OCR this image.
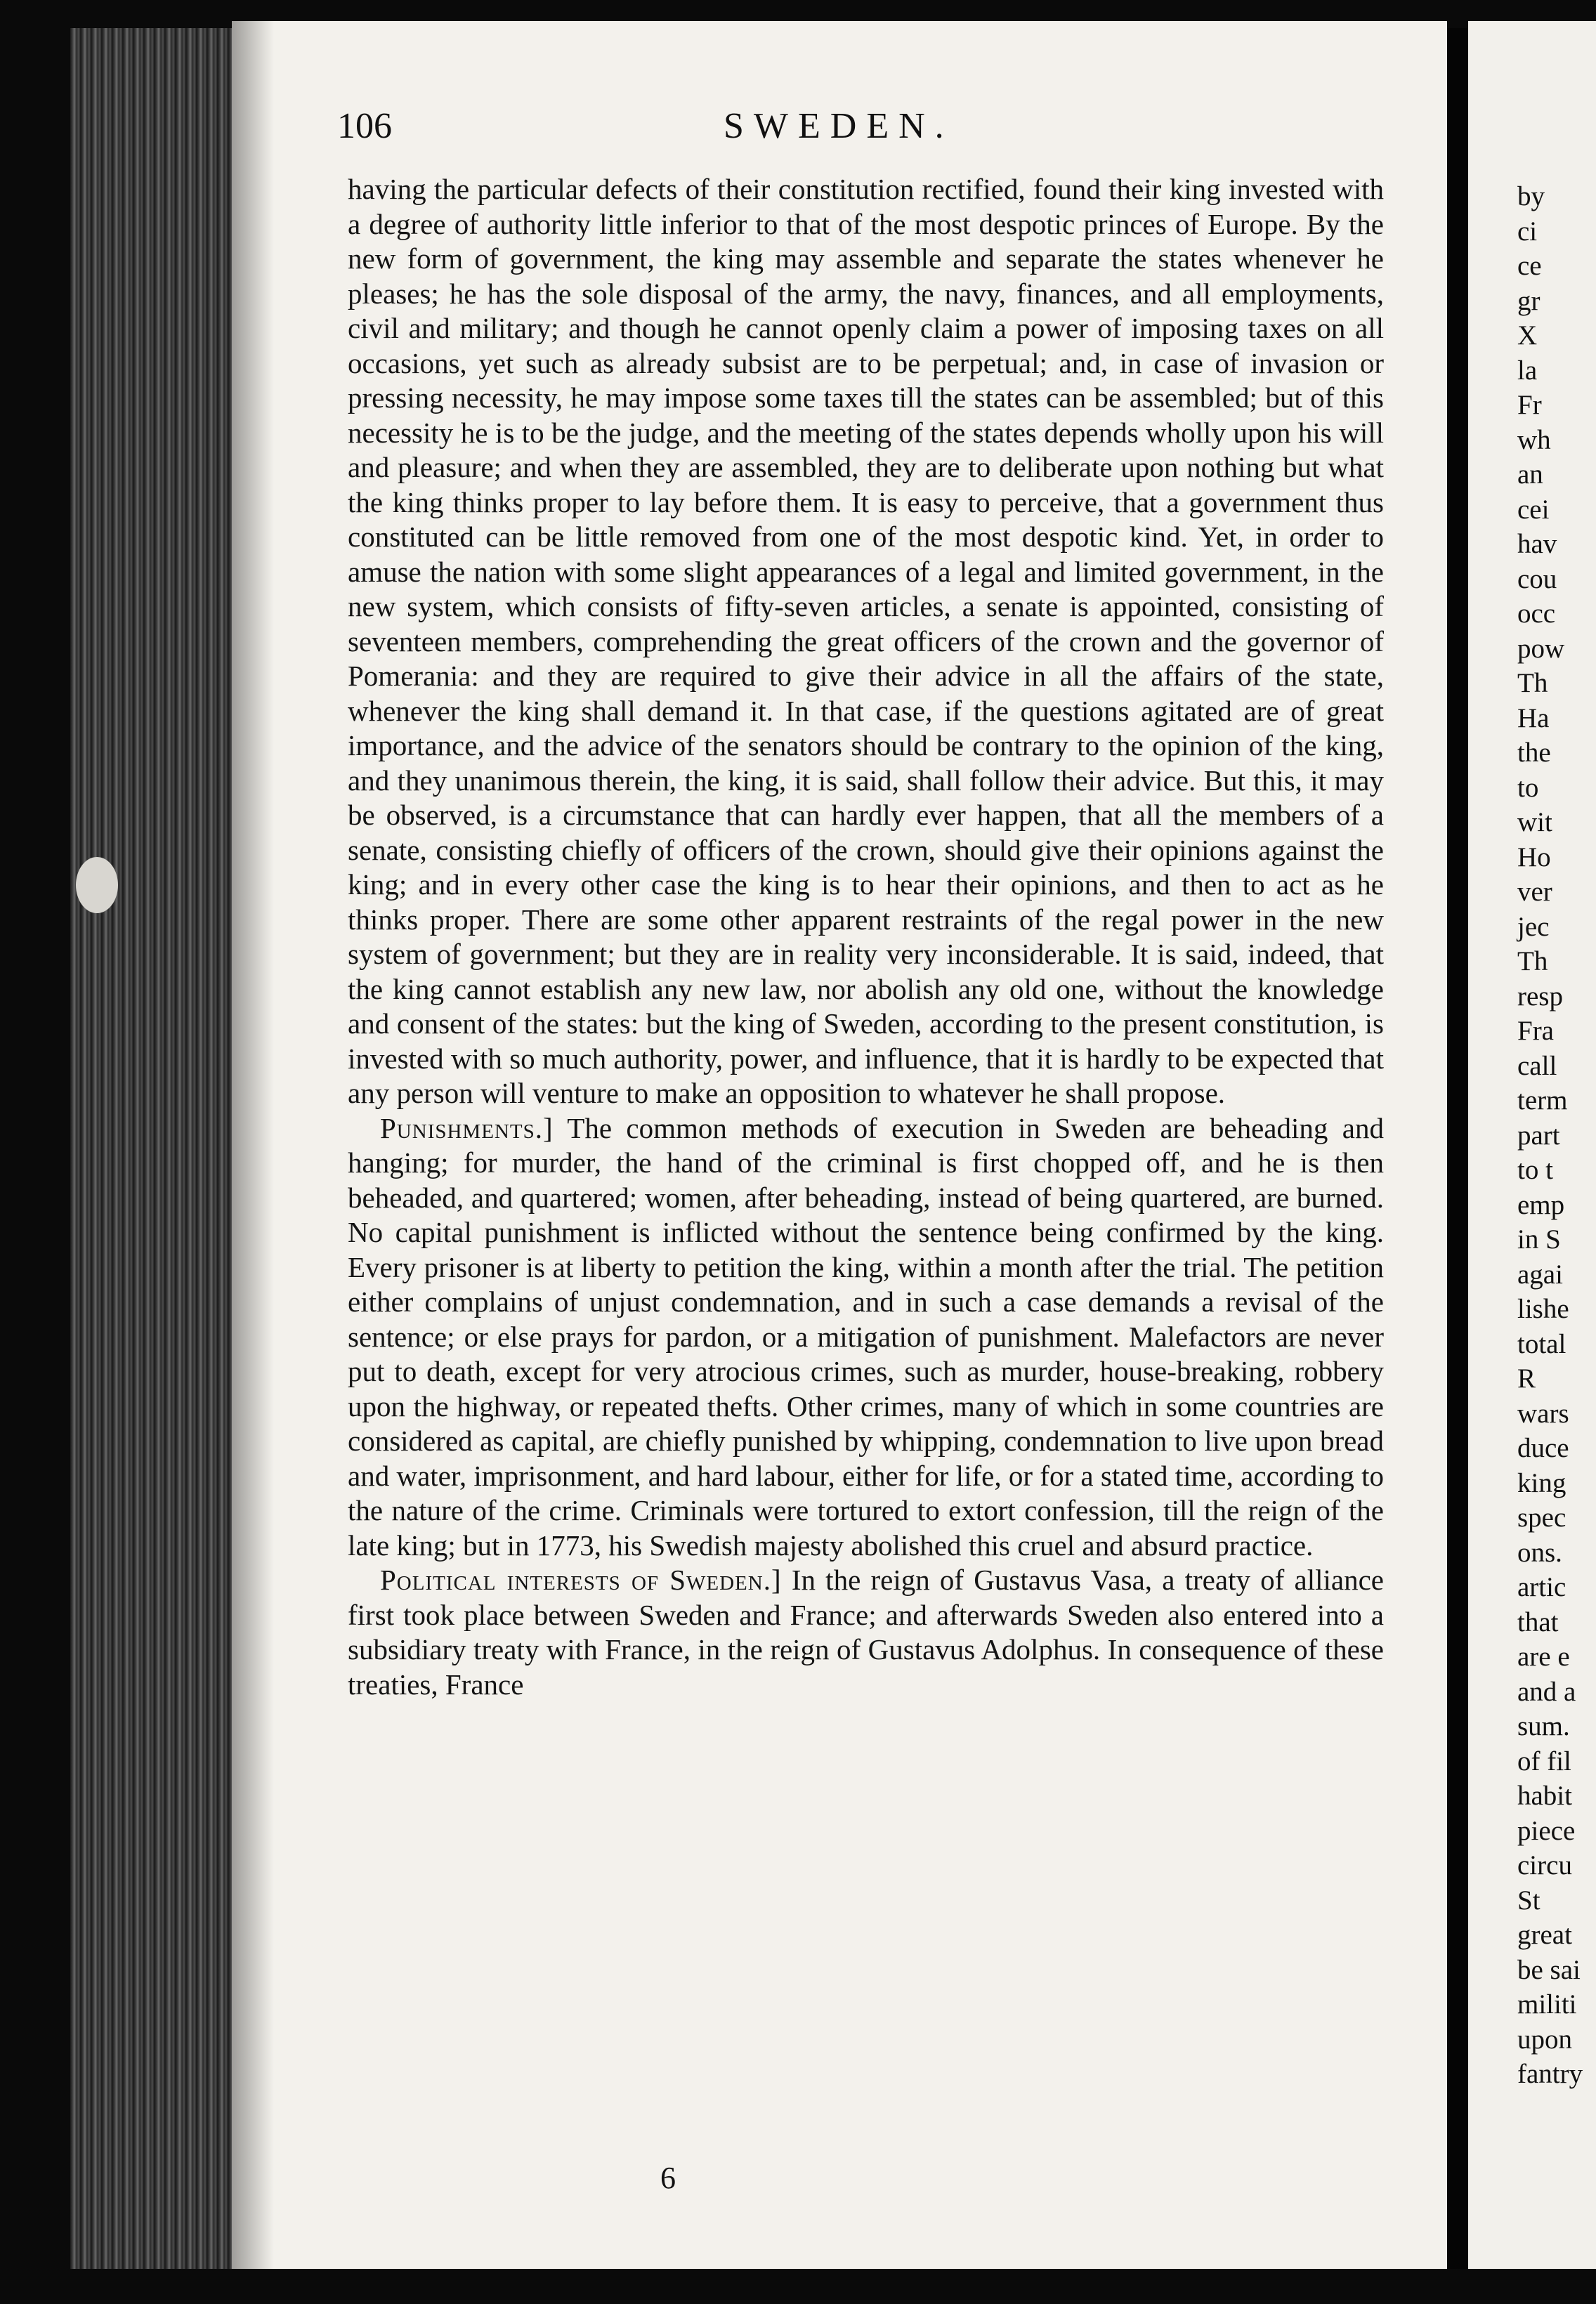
by
ci
ce
gr
X
la
Fr
wh
an
cei
hav
cou
occ
pow
Th
Ha
the
to
wit
Ho
ver
jec
Th
resp
Fra
call
term
part
to t
emp
in S
agai
lishe
total
R
wars
duce
king
spec
ons.
artic
that
are e
and a
sum.
of fil
habit
piece
circu
St
great
be sai
militi
upon
fantry
106	SWEDEN.

having the particular defects of their constitution rectified, found their king invested with a degree of authority little inferior to that of the most despotic princes of Europe. By the new form of government, the king may assemble and separate the states whenever he pleases; he has the sole disposal of the army, the navy, finances, and all employments, civil and military; and though he cannot openly claim a power of imposing taxes on all occasions, yet such as already subsist are to be perpetual; and, in case of invasion or pressing necessity, he may impose some taxes till the states can be assembled; but of this necessity he is to be the judge, and the meeting of the states depends wholly upon his will and pleasure; and when they are assembled, they are to deliberate upon nothing but what the king thinks proper to lay before them. It is easy to perceive, that a government thus constituted can be little removed from one of the most despotic kind. Yet, in order to amuse the nation with some slight appearances of a legal and limited government, in the new system, which consists of fifty-seven articles, a senate is appointed, consisting of seventeen members, comprehending the great officers of the crown and the governor of Pomerania: and they are required to give their advice in all the affairs of the state, whenever the king shall demand it. In that case, if the questions agitated are of great importance, and the advice of the senators should be contrary to the opinion of the king, and they unanimous therein, the king, it is said, shall follow their advice. But this, it may be observed, is a circumstance that can hardly ever happen, that all the members of a senate, consisting chiefly of officers of the crown, should give their opinions against the king; and in every other case the king is to hear their opinions, and then to act as he thinks proper. There are some other apparent restraints of the regal power in the new system of government; but they are in reality very inconsiderable. It is said, indeed, that the king cannot establish any new law, nor abolish any old one, without the knowledge and consent of the states: but the king of Sweden, according to the present constitution, is invested with so much authority, power, and influence, that it is hardly to be expected that any person will venture to make an opposition to whatever he shall propose.

Punishments.] The common methods of execution in Sweden are beheading and hanging; for murder, the hand of the criminal is first chopped off, and he is then beheaded, and quartered; women, after beheading, instead of being quartered, are burned. No capital punishment is inflicted without the sentence being confirmed by the king. Every prisoner is at liberty to petition the king, within a month after the trial. The petition either complains of unjust condemnation, and in such a case demands a revisal of the sentence; or else prays for pardon, or a mitigation of punishment. Malefactors are never put to death, except for very atrocious crimes, such as murder, house-breaking, robbery upon the highway, or repeated thefts. Other crimes, many of which in some countries are considered as capital, are chiefly punished by whipping, condemnation to live upon bread and water, imprisonment, and hard labour, either for life, or for a stated time, according to the nature of the crime. Criminals were tortured to extort confession, till the reign of the late king; but in 1773, his Swedish majesty abolished this cruel and absurd practice.

Political interests of Sweden.] In the reign of Gustavus Vasa, a treaty of alliance first took place between Sweden and France; and afterwards Sweden also entered into a subsidiary treaty with France, in the reign of Gustavus Adolphus. In consequence of these treaties, France

6
